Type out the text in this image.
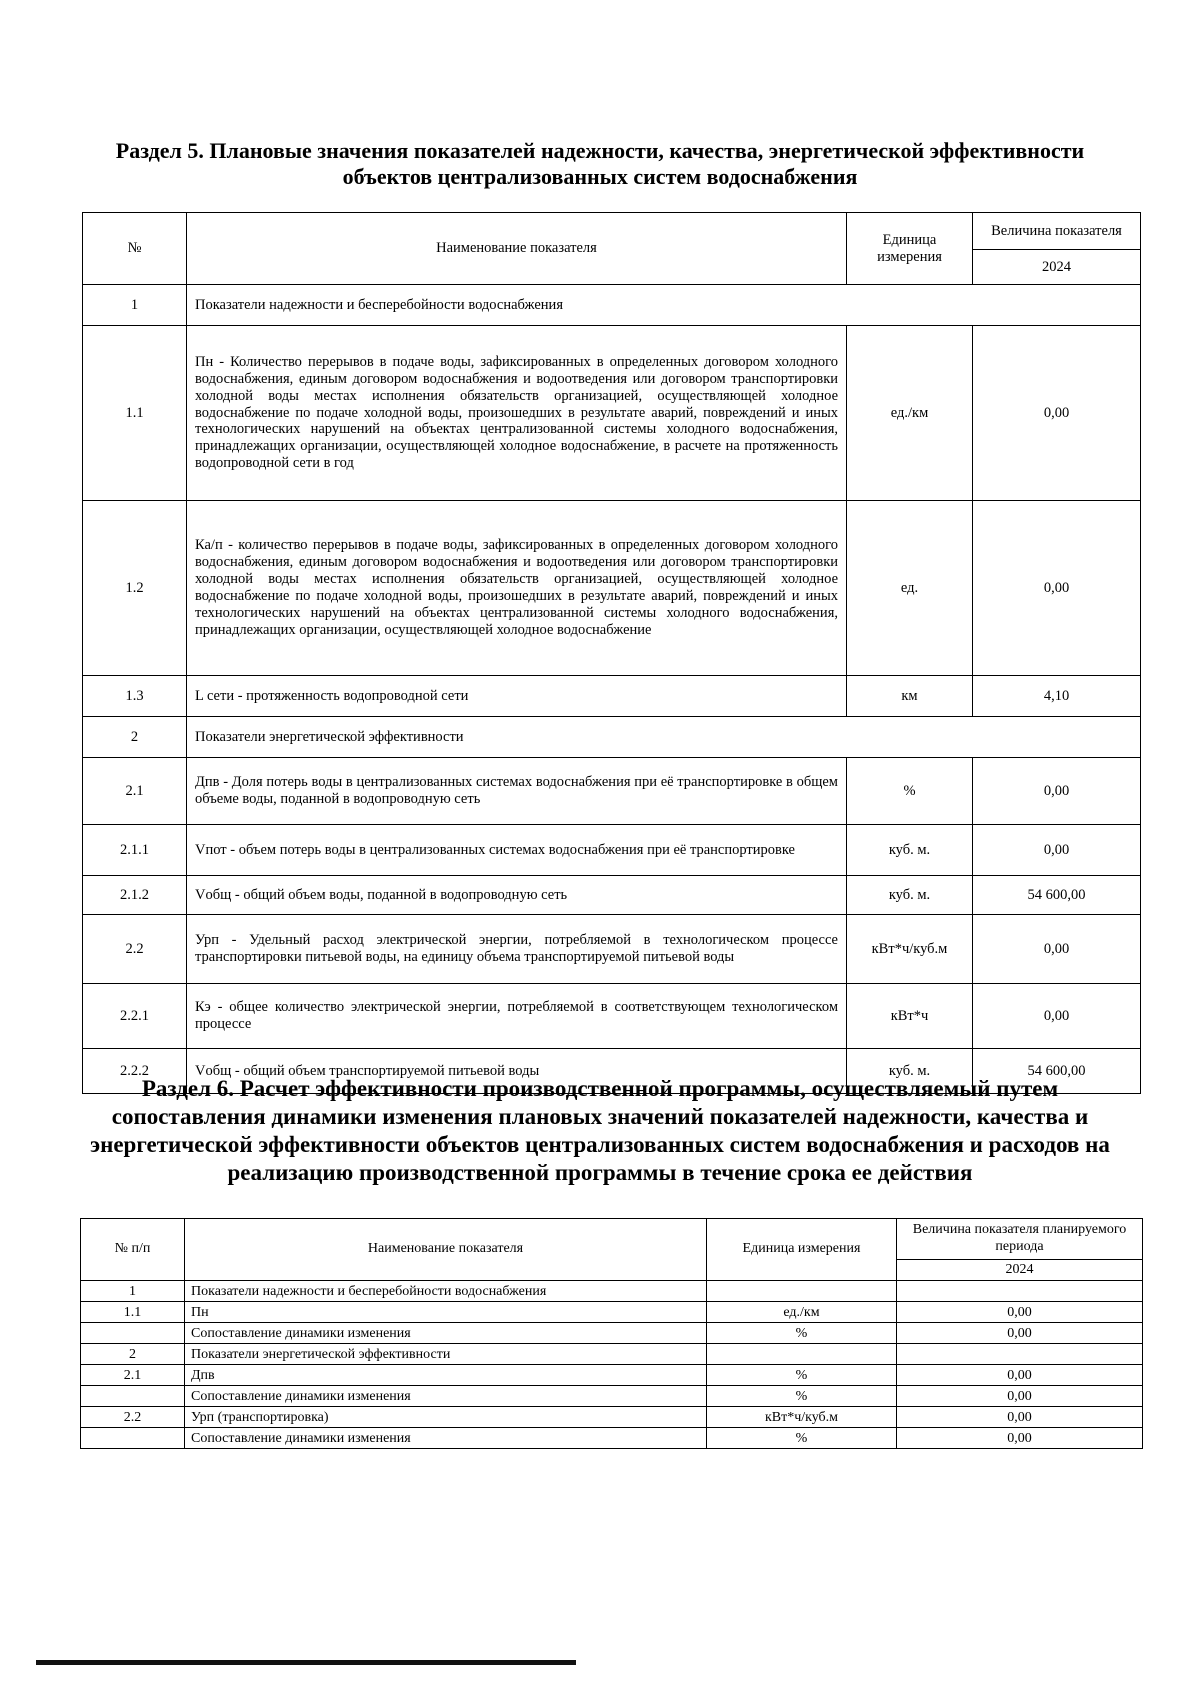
Раздел 5. Плановые значения показателей надежности, качества, энергетической эффективности
объектов централизованных систем водоснабжения
№	Наименование показателя	Единица измерения	Величина показателя
			2024
1	Показатели надежности и бесперебойности водоснабжения		
1.1	Пн - Количество перерывов в подаче воды, зафиксированных в определенных договором холодного водоснабжения, единым договором водоснабжения и водоотведения или договором транспортировки холодной воды местах исполнения обязательств организацией, осуществляющей холодное водоснабжение по подаче холодной воды, произошедших в результате аварий, повреждений и иных технологических нарушений на объектах централизованной системы холодного водоснабжения, принадлежащих организации, осуществляющей холодное водоснабжение, в расчете на протяженность водопроводной сети в год	ед./км	0,00
1.2	Ка/п - количество перерывов в подаче воды, зафиксированных в определенных договором холодного водоснабжения, единым договором водоснабжения и водоотведения или договором транспортировки холодной воды местах исполнения обязательств организацией, осуществляющей холодное водоснабжение по подаче холодной воды, произошедших в результате аварий, повреждений и иных технологических нарушений на объектах централизованной системы холодного водоснабжения, принадлежащих организации, осуществляющей холодное водоснабжение	ед.	0,00
1.3	L сети - протяженность водопроводной сети	км	4,10
2	Показатели энергетической эффективности		
2.1	Дпв - Доля потерь воды в централизованных системах водоснабжения при её транспортировке в общем объеме воды, поданной в водопроводную сеть	%	0,00
2.1.1	Vпот - объем потерь воды в централизованных системах водоснабжения при её транспортировке	куб. м.	0,00
2.1.2	Vобщ - общий объем воды, поданной в водопроводную сеть	куб. м.	54 600,00
2.2	Урп - Удельный расход электрической энергии, потребляемой в технологическом процессе транспортировки питьевой воды, на единицу объема транспортируемой питьевой воды	кВт*ч/куб.м	0,00
2.2.1	Кэ - общее количество электрической энергии, потребляемой в соответствующем технологическом процессе	кВт*ч	0,00
2.2.2	Vобщ - общий объем транспортируемой питьевой воды	куб. м.	54 600,00
Раздел 6. Расчет эффективности производственной программы, осуществляемый путем
сопоставления динамики изменения плановых значений показателей надежности, качества и
энергетической эффективности объектов централизованных систем водоснабжения и расходов на
реализацию производственной программы в течение срока ее действия
№ п/п	Наименование показателя	Единица измерения	Величина показателя планируемого периода
			2024
1	Показатели надежности и бесперебойности водоснабжения		
1.1	Пн	ед./км	0,00
	Сопоставление динамики изменения	%	0,00
2	Показатели энергетической эффективности		
2.1	Дпв	%	0,00
	Сопоставление динамики изменения	%	0,00
2.2	Урп (транспортировка)	кВт*ч/куб.м	0,00
	Сопоставление динамики изменения	%	0,00
